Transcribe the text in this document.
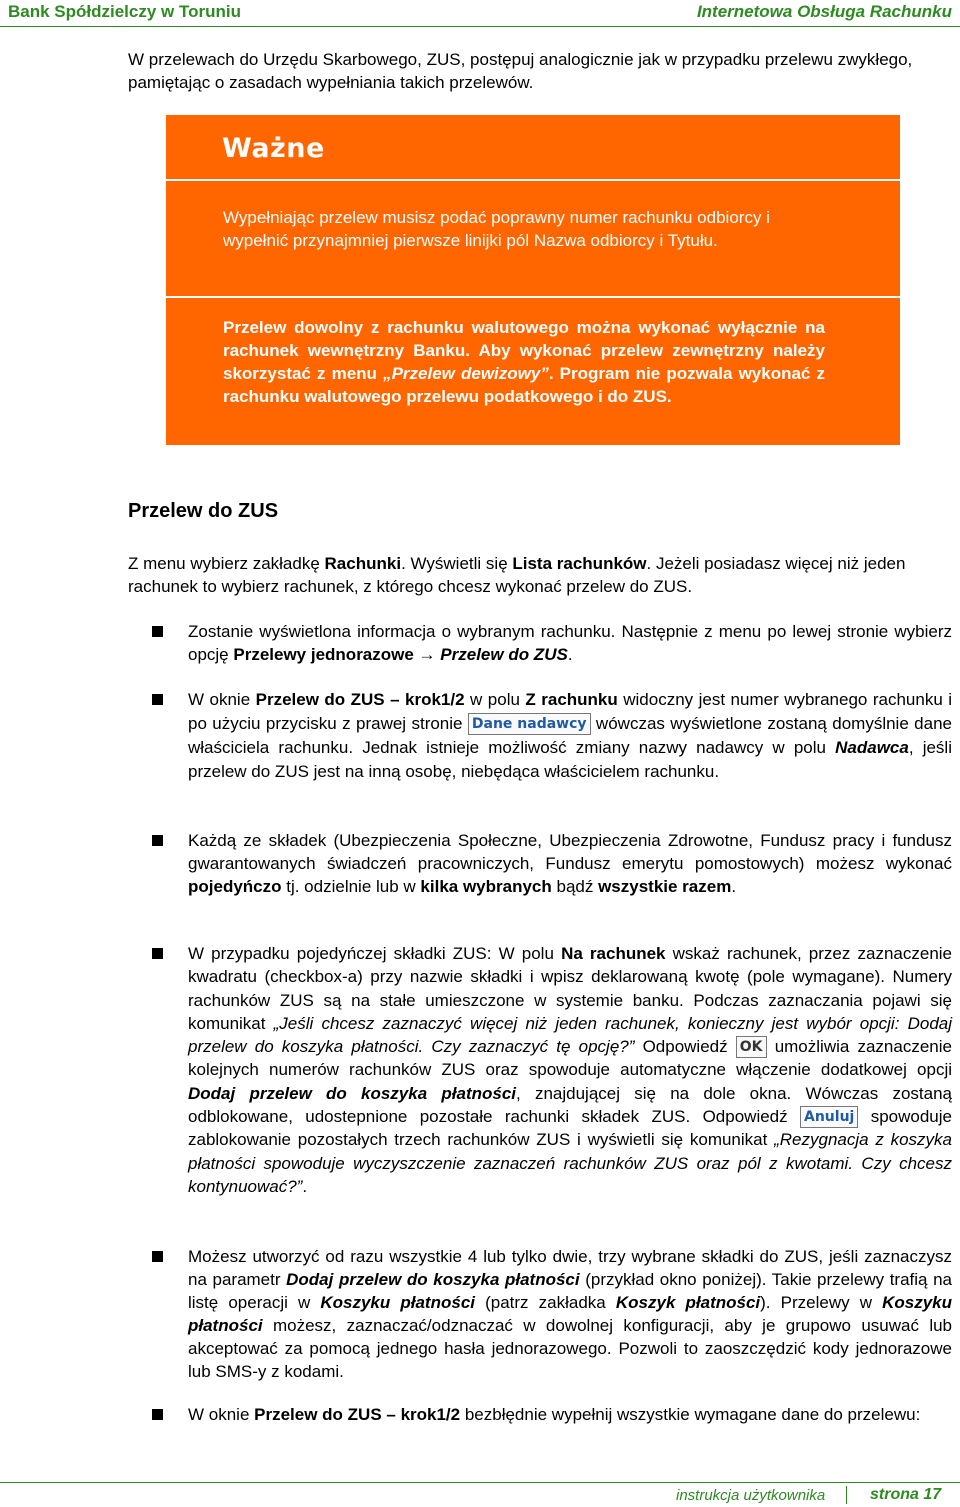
Bank Spółdzielczy w Toruniu	Internetowa Obsługa Rachunku
W przelewach do Urzędu Skarbowego, ZUS, postępuj analogicznie jak w przypadku przelewu zwykłego, pamiętając o zasadach wypełniania takich przelewów.
Ważne
Wypełniając przelew musisz podać poprawny numer rachunku odbiorcy i wypełnić przynajmniej pierwsze linijki pól Nazwa odbiorcy i Tytułu.
Przelew dowolny z rachunku walutowego można wykonać wyłącznie na rachunek wewnętrzny Banku. Aby wykonać przelew zewnętrzny należy skorzystać z menu „Przelew dewizowy”. Program nie pozwala wykonać z rachunku walutowego przelewu podatkowego i do ZUS.
Przelew do ZUS
Z menu wybierz zakładkę Rachunki. Wyświetli się Lista rachunków. Jeżeli posiadasz więcej niż jeden rachunek to wybierz rachunek, z którego chcesz wykonać przelew do ZUS.
Zostanie wyświetlona informacja o wybranym rachunku. Następnie z menu po lewej stronie wybierz opcję Przelewy jednorazowe → Przelew do ZUS.
W oknie Przelew do ZUS – krok1/2 w polu Z rachunku widoczny jest numer wybranego rachunku i po użyciu przycisku z prawej stronie Dane nadawcy wówczas wyświetlone zostaną domyślnie dane właściciela rachunku. Jednak istnieje możliwość zmiany nazwy nadawcy w polu Nadawca, jeśli przelew do ZUS jest na inną osobę, niebędąca właścicielem rachunku.
Każdą ze składek (Ubezpieczenia Społeczne, Ubezpieczenia Zdrowotne, Fundusz pracy i fundusz gwarantowanych świadczeń pracowniczych, Fundusz emerytu pomostowych) możesz wykonać pojedyńczo tj. odzielnie lub w kilka wybranych bądź wszystkie razem.
W przypadku pojedyńczej składki ZUS: W polu Na rachunek wskaż rachunek, przez zaznaczenie kwadratu (checkbox-a) przy nazwie składki i wpisz deklarowaną kwotę (pole wymagane). Numery rachunków ZUS są na stałe umieszczone w systemie banku. Podczas zaznaczania pojawi się komunikat „Jeśli chcesz zaznaczyć więcej niż jeden rachunek, konieczny jest wybór opcji: Dodaj przelew do koszyka płatności. Czy zaznaczyć tę opcję?” Odpowiedź OK umożliwia zaznaczenie kolejnych numerów rachunków ZUS oraz spowoduje automatyczne włączenie dodatkowej opcji Dodaj przelew do koszyka płatności, znajdującej się na dole okna. Wówczas zostaną odblokowane, udostepnione pozostałe rachunki składek ZUS. Odpowiedź Anuluj spowoduje zablokowanie pozostałych trzech rachunków ZUS i wyświetli się komunikat „Rezygnacja z koszyka płatności spowoduje wyczyszczenie zaznaczeń rachunków ZUS oraz pól z kwotami. Czy chcesz kontynuować?”.
Możesz utworzyć od razu wszystkie 4 lub tylko dwie, trzy wybrane składki do ZUS, jeśli zaznaczysz na parametr Dodaj przelew do koszyka płatności (przykład okno poniżej). Takie przelewy trafią na listę operacji w Koszyku płatności (patrz zakładka Koszyk płatności). Przelewy w Koszyku płatności możesz, zaznaczać/odznaczać w dowolnej konfiguracji, aby je grupowo usuwać lub akceptować za pomocą jednego hasła jednorazowego. Pozwoli to zaoszczędzić kody jednorazowe lub SMS-y z kodami.
W oknie Przelew do ZUS – krok1/2 bezbłędnie wypełnij wszystkie wymagane dane do przelewu:
instrukcja użytkownika	strona 17
